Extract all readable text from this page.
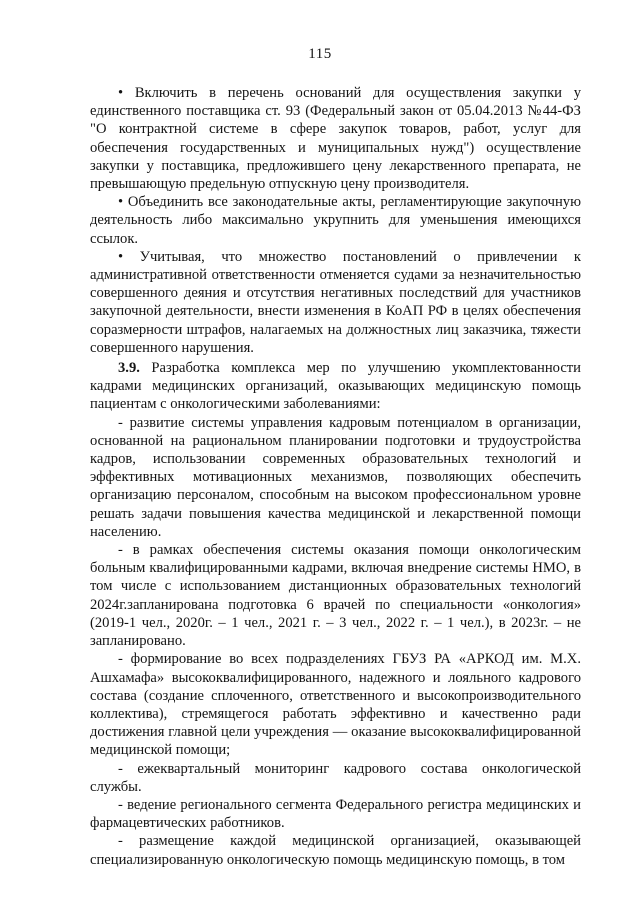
115

• Включить в перечень оснований для осуществления закупки у единственного поставщика ст. 93 (Федеральный закон от 05.04.2013 №44-ФЗ "О контрактной системе в сфере закупок товаров, работ, услуг для обеспечения государственных и муниципальных нужд") осуществление закупки у поставщика, предложившего цену лекарственного препарата, не превышающую предельную отпускную цену производителя.

• Объединить все законодательные акты, регламентирующие закупочную деятельность либо максимально укрупнить для уменьшения имеющихся ссылок.

• Учитывая, что множество постановлений о привлечении к административной ответственности отменяется судами за незначительностью совершенного деяния и отсутствия негативных последствий для участников закупочной деятельности, внести изменения в КоАП РФ в целях обеспечения соразмерности штрафов, налагаемых на должностных лиц заказчика, тяжести совершенного нарушения.

3.9. Разработка комплекса мер по улучшению укомплектованности кадрами медицинских организаций, оказывающих медицинскую помощь пациентам с онкологическими заболеваниями:

- развитие системы управления кадровым потенциалом в организации, основанной на рациональном планировании подготовки и трудоустройства кадров, использовании современных образовательных технологий и эффективных мотивационных механизмов, позволяющих обеспечить организацию персоналом, способным на высоком профессиональном уровне решать задачи повышения качества медицинской и лекарственной помощи населению.

- в рамках обеспечения системы оказания помощи онкологическим больным квалифицированными кадрами, включая внедрение системы НМО, в том числе с использованием дистанционных образовательных технологий 2024г.запланирована подготовка 6 врачей по специальности «онкология» (2019-1 чел., 2020г. – 1 чел., 2021 г. – 3 чел., 2022 г. – 1 чел.), в 2023г. – не запланировано.

- формирование во всех подразделениях ГБУЗ РА «АРКОД им. М.Х. Ашхамафа» высококвалифицированного, надежного и лояльного кадрового состава (создание сплоченного, ответственного и высокопроизводительного коллектива), стремящегося работать эффективно и качественно ради достижения главной цели учреждения — оказание высококвалифицированной медицинской помощи;

- ежеквартальный мониторинг кадрового состава онкологической службы.

- ведение регионального сегмента Федерального регистра медицинских и фармацевтических работников.

- размещение каждой медицинской организацией, оказывающей специализированную онкологическую помощь медицинскую помощь, в том
